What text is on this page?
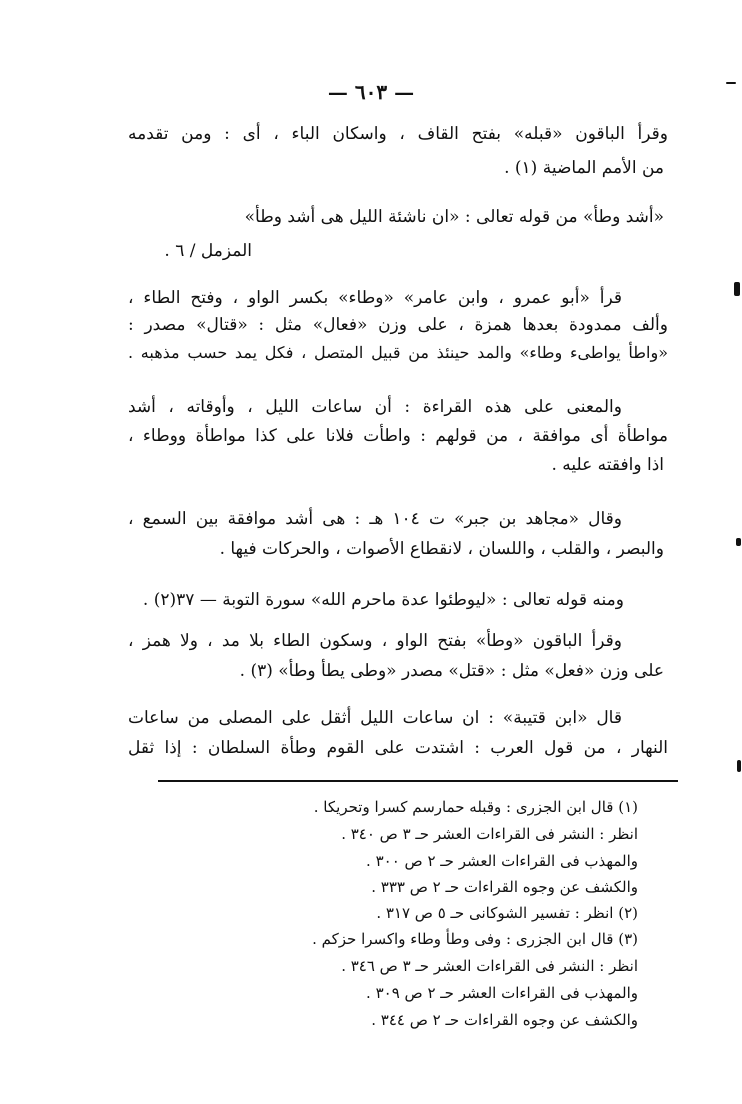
— ٦٠٣ —
وقرأ الباقون «قبله» بفتح القاف ، واسكان الباء ، أى : ومن تقدمه
من الأمم الماضية (١) .
«أشد وطأ» من قوله تعالى : «ان ناشئة الليل هى أشد وطأ»
المزمل / ٦ .
قرأ «أبو عمرو ، وابن عامر» «وطاء» بكسر الواو ، وفتح الطاء ،
وألف ممدودة بعدها همزة ، على وزن «فعال» مثل : «قتال» مصدر :
«واطأ يواطىء وطاء» والمد حينئذ من قبيل المتصل ، فكل يمد حسب مذهبه .
والمعنى على هذه القراءة : أن ساعات الليل ، وأوقاته ، أشد
مواطأة أى موافقة ، من قولهم : واطأت فلانا على كذا مواطأة ووطاء ،
اذا وافقته عليه .
وقال «مجاهد بن جبر» ت ١٠٤ هـ : هى أشد موافقة بين السمع ،
والبصر ، والقلب ، واللسان ، لانقطاع الأصوات ، والحركات فيها .
ومنه قوله تعالى : «ليوطئوا عدة ماحرم الله» سورة التوبة — ٣٧(٢) .
وقرأ الباقون «وطأ» بفتح الواو ، وسكون الطاء بلا مد ، ولا همز ،
على وزن «فعل» مثل : «قتل» مصدر «وطى يطأ وطأ» (٣) .
قال «ابن قتيبة» : ان ساعات الليل أثقل على المصلى من ساعات
النهار ، من قول العرب : اشتدت على القوم وطأة السلطان : إذا ثقل
(١) قال ابن الجزرى : وقبله حمارسم كسرا وتحريكا .
انظر : النشر فى القراءات العشر حـ ٣ ص ٣٤٠ .
والمهذب فى القراءات العشر حـ ٢ ص ٣٠٠ .
والكشف عن وجوه القراءات حـ ٢ ص ٣٣٣ .
(٢) انظر : تفسير الشوكانى حـ ٥ ص ٣١٧ .
(٣) قال ابن الجزرى : وفى وطأ وطاء واكسرا حزكم .
انظر : النشر فى القراءات العشر حـ ٣ ص ٣٤٦ .
والمهذب فى القراءات العشر حـ ٢ ص ٣٠٩ .
والكشف عن وجوه القراءات حـ ٢ ص ٣٤٤ .
